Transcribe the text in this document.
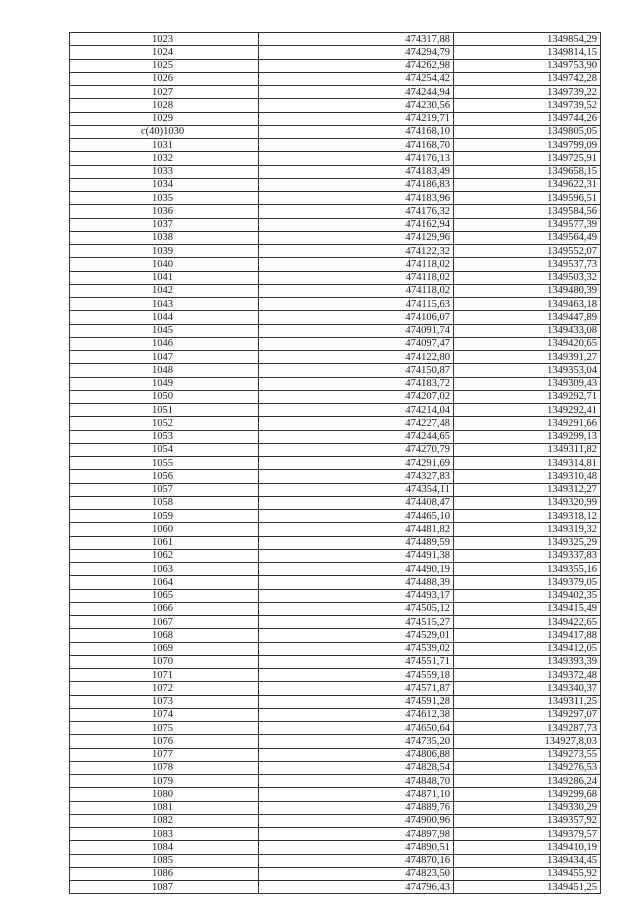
1023	474317,88	1349854,29
1024	474294,79	1349814,15
1025	474262,98	1349753,90
1026	474254,42	1349742,28
1027	474244,94	1349739,22
1028	474230,56	1349739,52
1029	474219,71	1349744,26
с(40)1030	474168,10	1349805,05
1031	474168,70	1349799,09
1032	474176,13	1349725,91
1033	474183,49	1349658,15
1034	474186,83	1349622,31
1035	474183,96	1349596,51
1036	474176,32	1349584,56
1037	474162,94	1349577,39
1038	474129,96	1349564,49
1039	474122,32	1349552,07
1040	474118,02	1349537,73
1041	474118,02	1349503,32
1042	474118,02	1349480,39
1043	474115,63	1349463,18
1044	474106,07	1349447,89
1045	474091,74	1349433,08
1046	474097,47	1349420,65
1047	474122,80	1349391,27
1048	474150,87	1349353,04
1049	474183,72	1349309,43
1050	474207,02	1349292,71
1051	474214,04	1349292,41
1052	474227,48	1349291,66
1053	474244,65	1349299,13
1054	474270,79	1349311,82
1055	474291,69	1349314,81
1056	474327,83	1349310,48
1057	474354,11	1349312,27
1058	474408,47	1349320,99
1059	474465,10	1349318,12
1060	474481,82	1349319,32
1061	474489,59	1349325,29
1062	474491,38	1349337,83
1063	474490,19	1349355,16
1064	474488,39	1349379,05
1065	474493,17	1349402,35
1066	474505,12	1349415,49
1067	474515,27	1349422,65
1068	474529,01	1349417,88
1069	474539,02	1349412,05
1070	474551,71	1349393,39
1071	474559,18	1349372,48
1072	474571,87	1349340,37
1073	474591,28	1349311,25
1074	474612,38	1349297,07
1075	474650,64	1349287,73
1076	474735,20	134927,8,03
1077	474806,88	1349273,55
1078	474828,54	1349276,53
1079	474848,70	1349286,24
1080	474871,10	1349299,68
1081	474889,76	1349330,29
1082	474900,96	1349357,92
1083	474897,98	1349379,57
1084	474890,51	1349410,19
1085	474870,16	1349434,45
1086	474823,50	1349455,92
1087	474796,43	1349451,25
